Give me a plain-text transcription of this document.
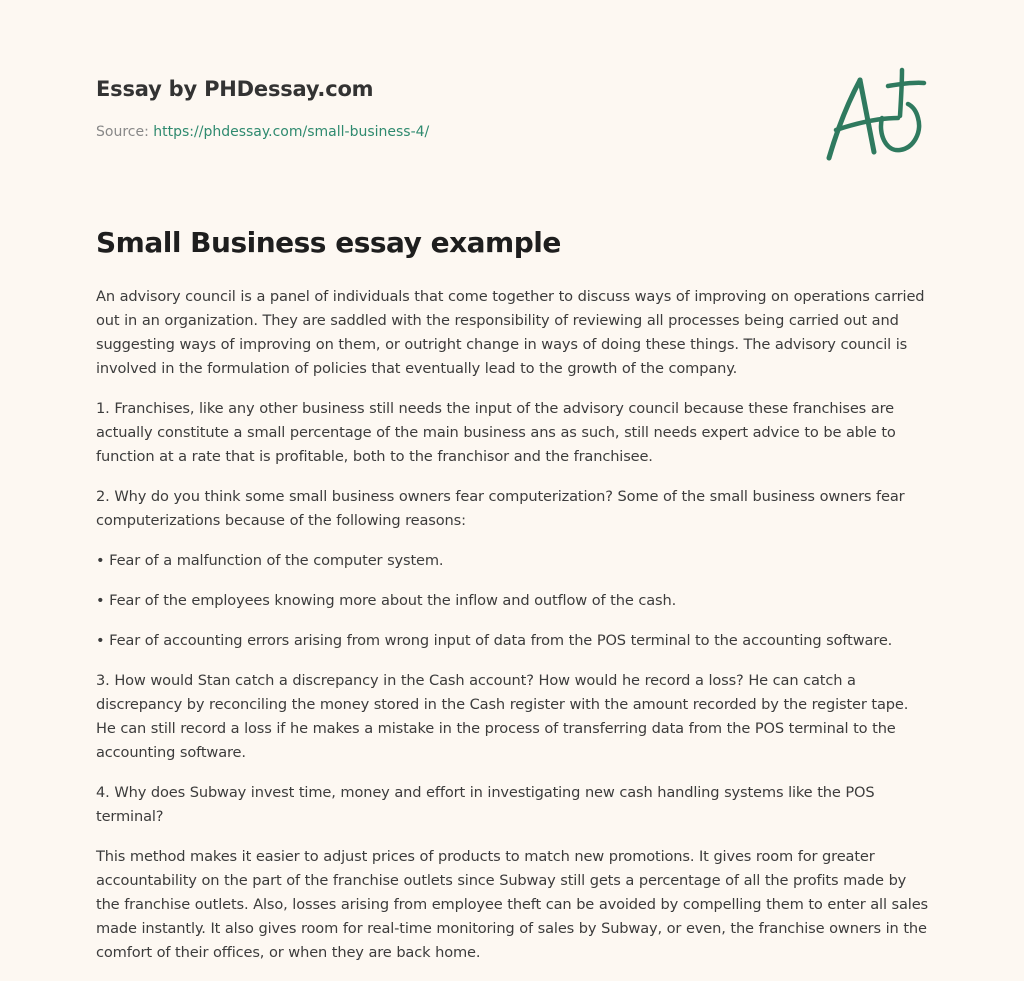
Essay by PHDessay.com
Source: https://phdessay.com/small-business-4/
Small Business essay example

An advisory council is a panel of individuals that come together to discuss ways of improving on operations carried out in an organization. They are saddled with the responsibility of reviewing all processes being carried out and suggesting ways of improving on them, or outright change in ways of doing these things. The advisory council is involved in the formulation of policies that eventually lead to the growth of the company.

1. Franchises, like any other business still needs the input of the advisory council because these franchises are actually constitute a small percentage of the main business ans as such, still needs expert advice to be able to function at a rate that is profitable, both to the franchisor and the franchisee.

2. Why do you think some small business owners fear computerization? Some of the small business owners fear computerizations because of the following reasons:

• Fear of a malfunction of the computer system.

• Fear of the employees knowing more about the inflow and outflow of the cash.

• Fear of accounting errors arising from wrong input of data from the POS terminal to the accounting software.

3. How would Stan catch a discrepancy in the Cash account? How would he record a loss? He can catch a discrepancy by reconciling the money stored in the Cash register with the amount recorded by the register tape. He can still record a loss if he makes a mistake in the process of transferring data from the POS terminal to the accounting software.

4. Why does Subway invest time, money and effort in investigating new cash handling systems like the POS terminal?

This method makes it easier to adjust prices of products to match new promotions. It gives room for greater accountability on the part of the franchise outlets since Subway still gets a percentage of all the profits made by the franchise outlets. Also, losses arising from employee theft can be avoided by compelling them to enter all sales made instantly. It also gives room for real-time monitoring of sales by Subway, or even, the franchise owners in the comfort of their offices, or when they are back home.
